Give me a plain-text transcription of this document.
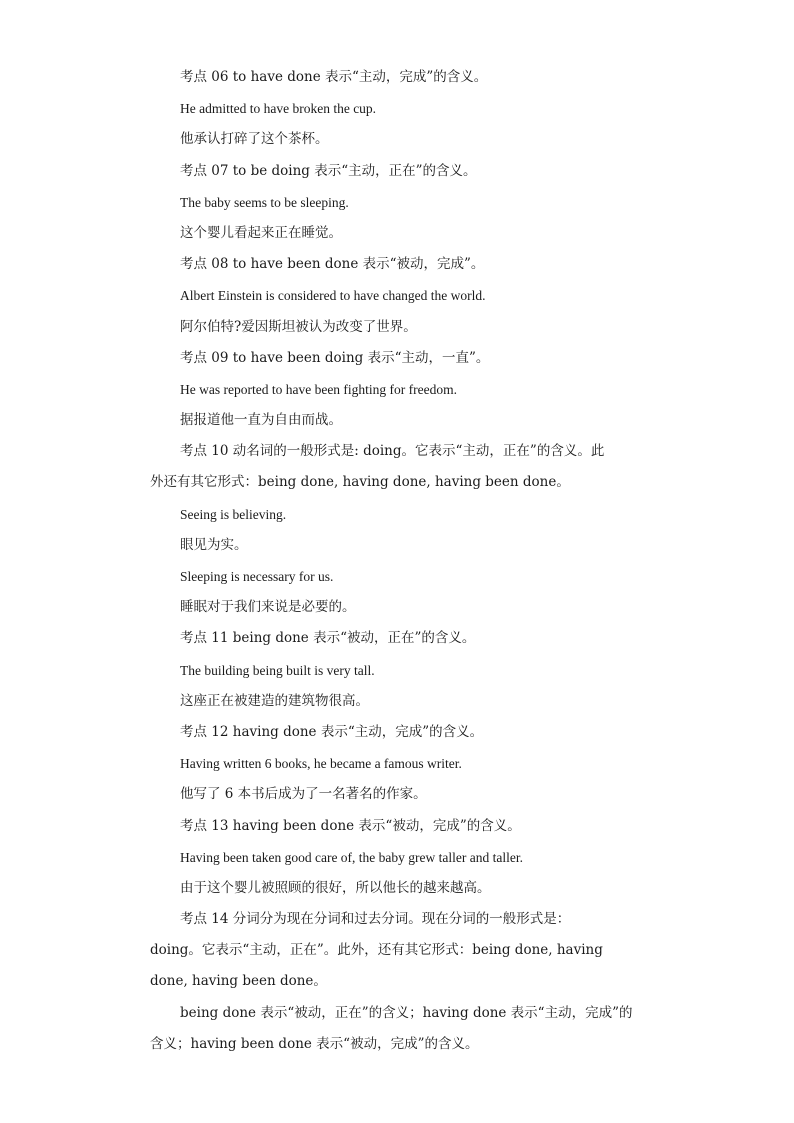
考点 06 to have done 表示“主动，完成”的含义。
He admitted to have broken the cup.
他承认打碎了这个茶杯。
考点 07 to be doing 表示“主动，正在”的含义。
The baby seems to be sleeping.
这个婴儿看起来正在睡觉。
考点 08 to have been done 表示“被动，完成”。
Albert Einstein is considered to have changed the world.
阿尔伯特?爱因斯坦被认为改变了世界。
考点 09 to have been doing 表示“主动，一直”。
He was reported to have been fighting for freedom.
据报道他一直为自由而战。
考点 10 动名词的一般形式是: doing。它表示“主动，正在”的含义。此
外还有其它形式：being done, having done, having been done。
Seeing is believing.
眼见为实。
Sleeping is necessary for us.
睡眠对于我们来说是必要的。
考点 11 being done 表示“被动，正在”的含义。
The building being built is very tall.
这座正在被建造的建筑物很高。
考点 12 having done 表示“主动，完成”的含义。
Having written 6 books, he became a famous writer.
他写了 6 本书后成为了一名著名的作家。
考点 13 having been done 表示“被动，完成”的含义。
Having been taken good care of, the baby grew taller and taller.
由于这个婴儿被照顾的很好，所以他长的越来越高。
考点 14 分词分为现在分词和过去分词。现在分词的一般形式是：
doing。它表示“主动，正在”。此外，还有其它形式：being done, having
done, having been done。
being done 表示“被动，正在”的含义；having done 表示“主动，完成”的
含义；having been done 表示“被动，完成”的含义。
